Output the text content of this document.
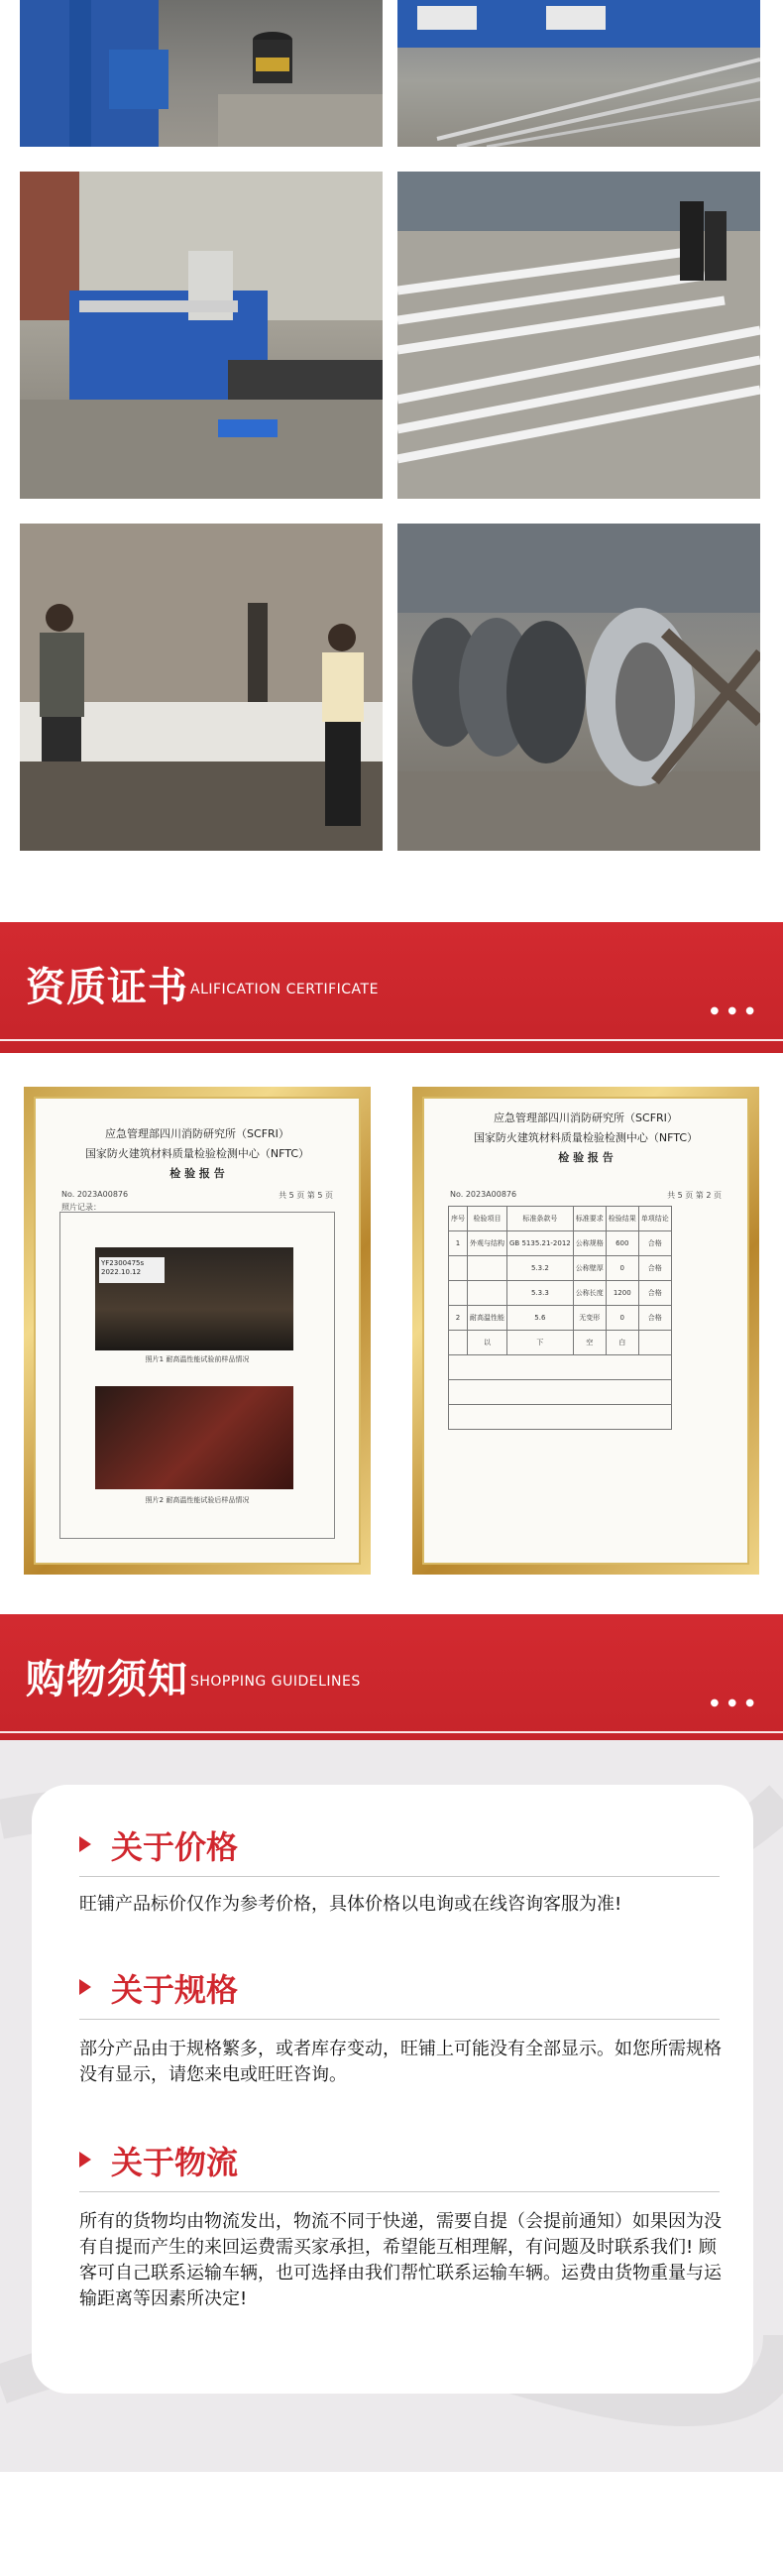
资质证书 ALIFICATION CERTIFICATE
● ● ●
应急管理部四川消防研究所（SCFRI）
国家防火建筑材料质量检验检测中心（NFTC）
检 验 报 告
No. 2023A00876	共 5 页 第 5 页
照片记录：
YF2300475s
2022.10.12
照片1 耐高温性能试验前样品情况
照片2 耐高温性能试验后样品情况
应急管理部四川消防研究所（SCFRI）
国家防火建筑材料质量检验检测中心（NFTC）
检 验 报 告
No. 2023A00876	共 5 页 第 2 页
序号	检验项目	标准条款号	标准要求	检验结果	单项结论
1	外观与结构	GB 5135.21-2012	公称规格	600	合格
		5.3.2	公称壁厚	0	合格
		5.3.3	公称长度	1200	合格
2	耐高温性能	5.6	无变形	0	合格
	以	下	空	白	

购物须知 SHOPPING GUIDELINES
● ● ●
关于价格
旺铺产品标价仅作为参考价格，具体价格以电询或在线咨询客服为准!
关于规格
部分产品由于规格繁多，或者库存变动，旺铺上可能没有全部显示。如您所需规格没有显示，请您来电或旺旺咨询。
关于物流
所有的货物均由物流发出，物流不同于快递，需要自提（会提前通知）如果因为没有自提而产生的来回运费需买家承担，希望能互相理解，有问题及时联系我们! 顾客可自己联系运输车辆，也可选择由我们帮忙联系运输车辆。运费由货物重量与运输距离等因素所决定!
